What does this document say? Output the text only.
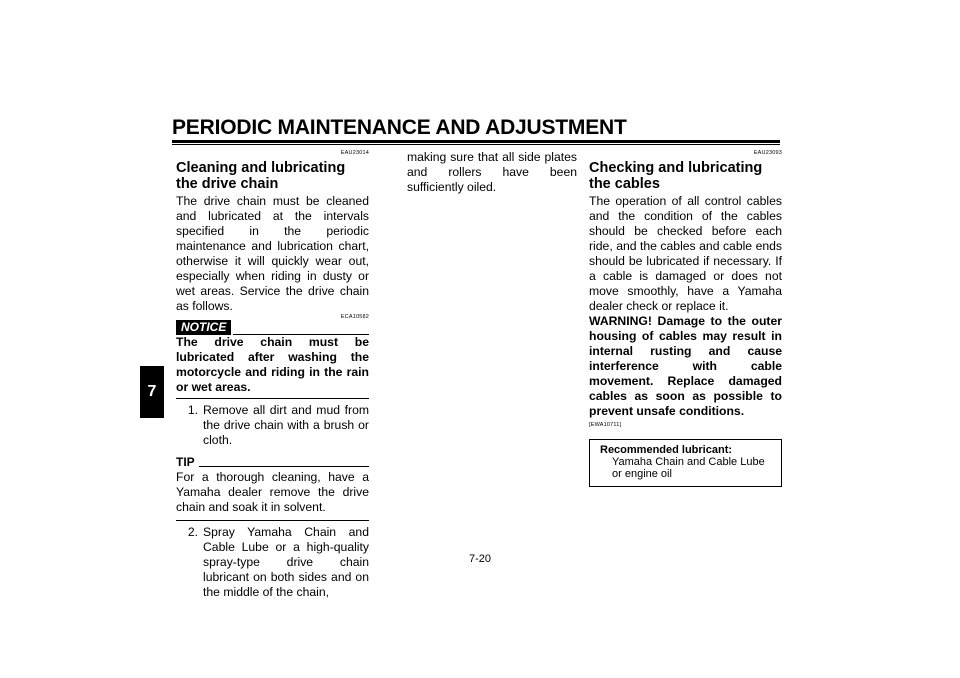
PERIODIC MAINTENANCE AND ADJUSTMENT
7
EAU23014
Cleaning and lubricating the drive chain

The drive chain must be cleaned and lubricated at the intervals specified in the periodic maintenance and lubrication chart, otherwise it will quickly wear out, especially when riding in dusty or wet areas. Service the drive chain as follows.

NOTICE
ECA10582

The drive chain must be lubricated after washing the motorcycle and riding in the rain or wet areas.

1. Remove all dirt and mud from the drive chain with a brush or cloth.
TIP

For a thorough cleaning, have a Yamaha dealer remove the drive chain and soak it in solvent.

2. Spray Yamaha Chain and Cable Lube or a high-quality spray-type drive chain lubricant on both sides and on the middle of the chain,

making sure that all side plates and rollers have been sufficiently oiled.

EAU23093
Checking and lubricating the cables

The operation of all control cables and the condition of the cables should be checked before each ride, and the cables and cable ends should be lubricated if necessary. If a cable is damaged or does not move smoothly, have a Yamaha dealer check or replace it.

WARNING! Damage to the outer housing of cables may result in internal rusting and cause interference with cable movement. Replace damaged cables as soon as possible to prevent unsafe conditions.

[EWA10711]
Recommended lubricant:
Yamaha Chain and Cable Lube or engine oil
7-20
